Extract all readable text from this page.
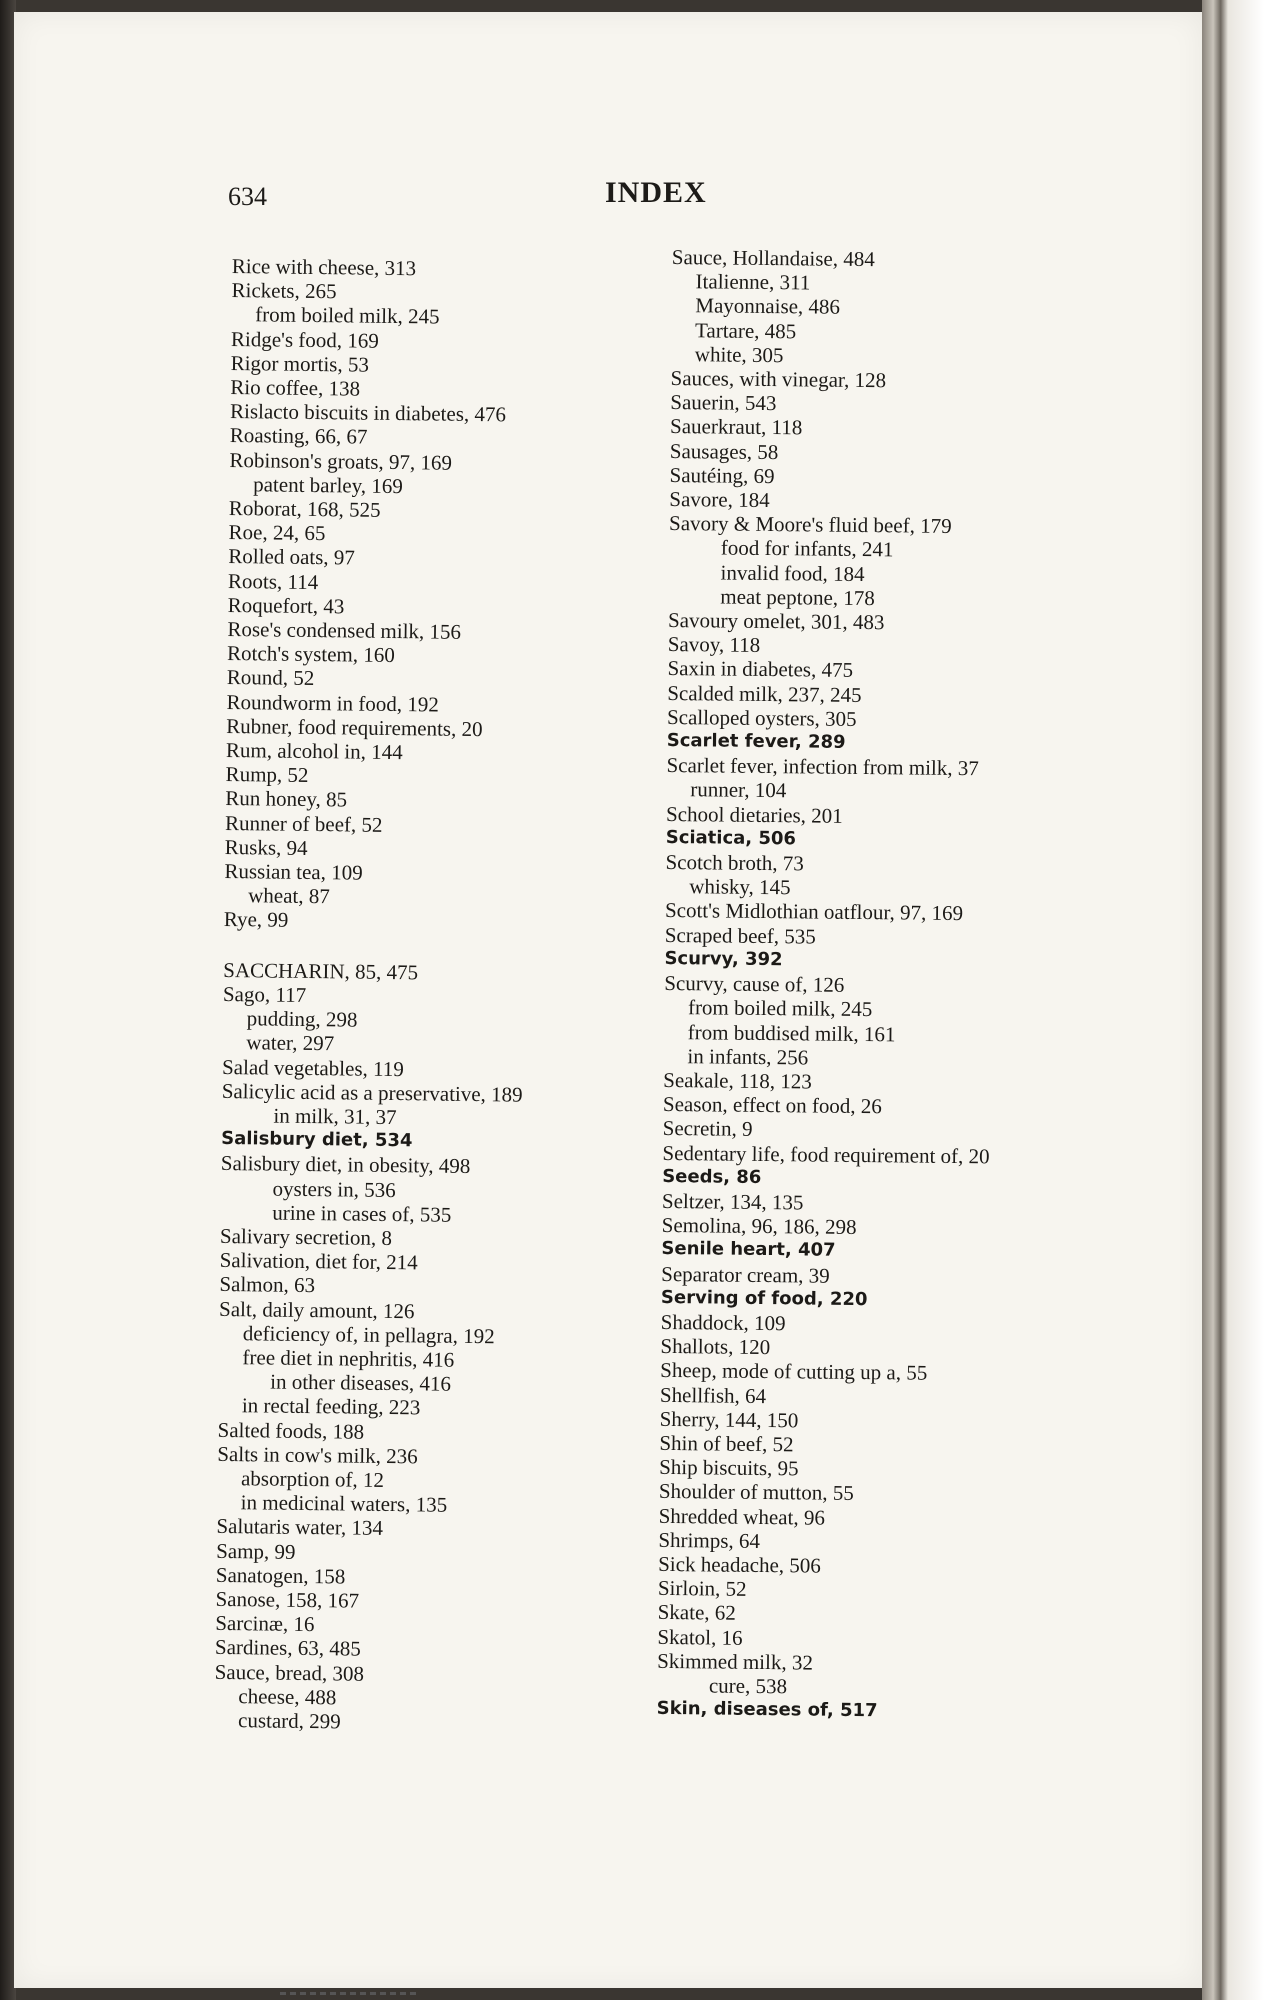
634	INDEX
Rice with cheese, 313
Rickets, 265
from boiled milk, 245
Ridge's food, 169
Rigor mortis, 53
Rio coffee, 138
Rislacto biscuits in diabetes, 476
Roasting, 66, 67
Robinson's groats, 97, 169
patent barley, 169
Roborat, 168, 525
Roe, 24, 65
Rolled oats, 97
Roots, 114
Roquefort, 43
Rose's condensed milk, 156
Rotch's system, 160
Round, 52
Roundworm in food, 192
Rubner, food requirements, 20
Rum, alcohol in, 144
Rump, 52
Run honey, 85
Runner of beef, 52
Rusks, 94
Russian tea, 109
wheat, 87
Rye, 99
SACCHARIN, 85, 475
Sago, 117
pudding, 298
water, 297
Salad vegetables, 119
Salicylic acid as a preservative, 189
in milk, 31, 37
Salisbury diet, 534
Salisbury diet, in obesity, 498
oysters in, 536
urine in cases of, 535
Salivary secretion, 8
Salivation, diet for, 214
Salmon, 63
Salt, daily amount, 126
deficiency of, in pellagra, 192
free diet in nephritis, 416
in other diseases, 416
in rectal feeding, 223
Salted foods, 188
Salts in cow's milk, 236
absorption of, 12
in medicinal waters, 135
Salutaris water, 134
Samp, 99
Sanatogen, 158
Sanose, 158, 167
Sarcinæ, 16
Sardines, 63, 485
Sauce, bread, 308
cheese, 488
custard, 299
Sauce, Hollandaise, 484
Italienne, 311
Mayonnaise, 486
Tartare, 485
white, 305
Sauces, with vinegar, 128
Sauerin, 543
Sauerkraut, 118
Sausages, 58
Sautéing, 69
Savore, 184
Savory & Moore's fluid beef, 179
food for infants, 241
invalid food, 184
meat peptone, 178
Savoury omelet, 301, 483
Savoy, 118
Saxin in diabetes, 475
Scalded milk, 237, 245
Scalloped oysters, 305
Scarlet fever, 289
Scarlet fever, infection from milk, 37
runner, 104
School dietaries, 201
Sciatica, 506
Scotch broth, 73
whisky, 145
Scott's Midlothian oatflour, 97, 169
Scraped beef, 535
Scurvy, 392
Scurvy, cause of, 126
from boiled milk, 245
from buddised milk, 161
in infants, 256
Seakale, 118, 123
Season, effect on food, 26
Secretin, 9
Sedentary life, food requirement of, 20
Seeds, 86
Seltzer, 134, 135
Semolina, 96, 186, 298
Senile heart, 407
Separator cream, 39
Serving of food, 220
Shaddock, 109
Shallots, 120
Sheep, mode of cutting up a, 55
Shellfish, 64
Sherry, 144, 150
Shin of beef, 52
Ship biscuits, 95
Shoulder of mutton, 55
Shredded wheat, 96
Shrimps, 64
Sick headache, 506
Sirloin, 52
Skate, 62
Skatol, 16
Skimmed milk, 32
cure, 538
Skin, diseases of, 517
